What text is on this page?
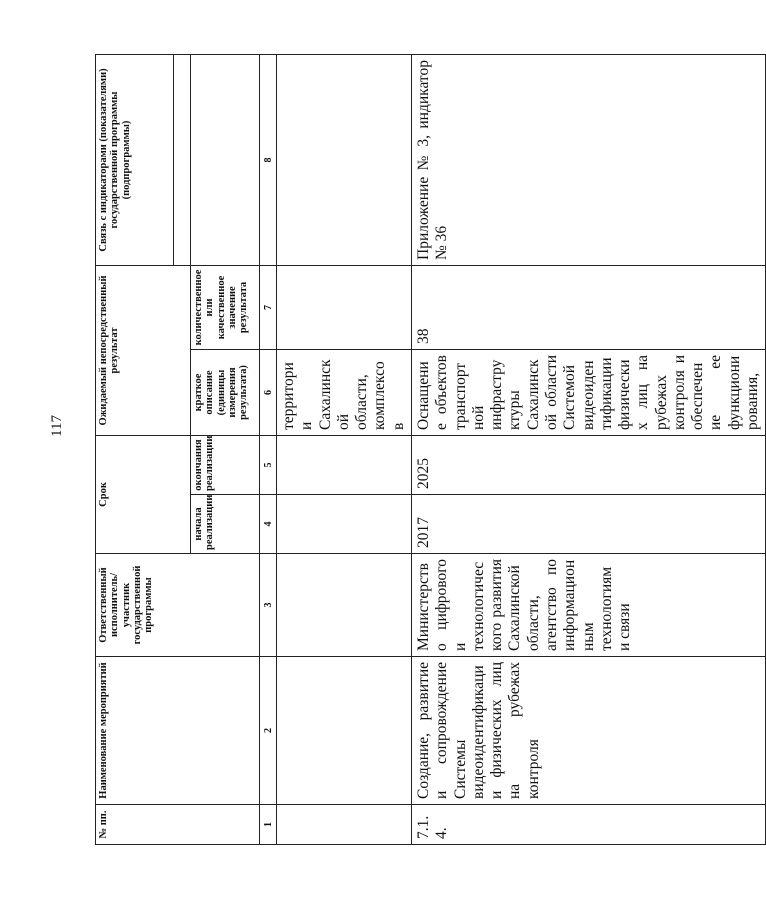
117
№ пп.	Наименование мероприятий	Ответственный исполнитель/ участник государственной программы	Срок		Ожидаемый непосредственный результат		Связь с индикаторами (показателями) государственной программы (подпрограммы)

			начала реализации	окончания реализации	краткое описание (единицы измерения результата)	количественное или качественное значение результата	
1	2	3	4	5	6	7	8
					территории Сахалинской области, комплексов		
7.1.4.	Создание, развитие и сопровождение Системы видеоидентификации физических лиц на рубежах контроля	Министерство цифрового и технологического развития Сахалинской области, агентство по информационным технологиям и связи	2017	2025	Оснащение объектов транспортной инфраструктуры Сахалинской области Системой видеоидентификации физических лиц на рубежах контроля и обеспечение ее функционирования,	38	Приложение № 3, индикатор № 36
